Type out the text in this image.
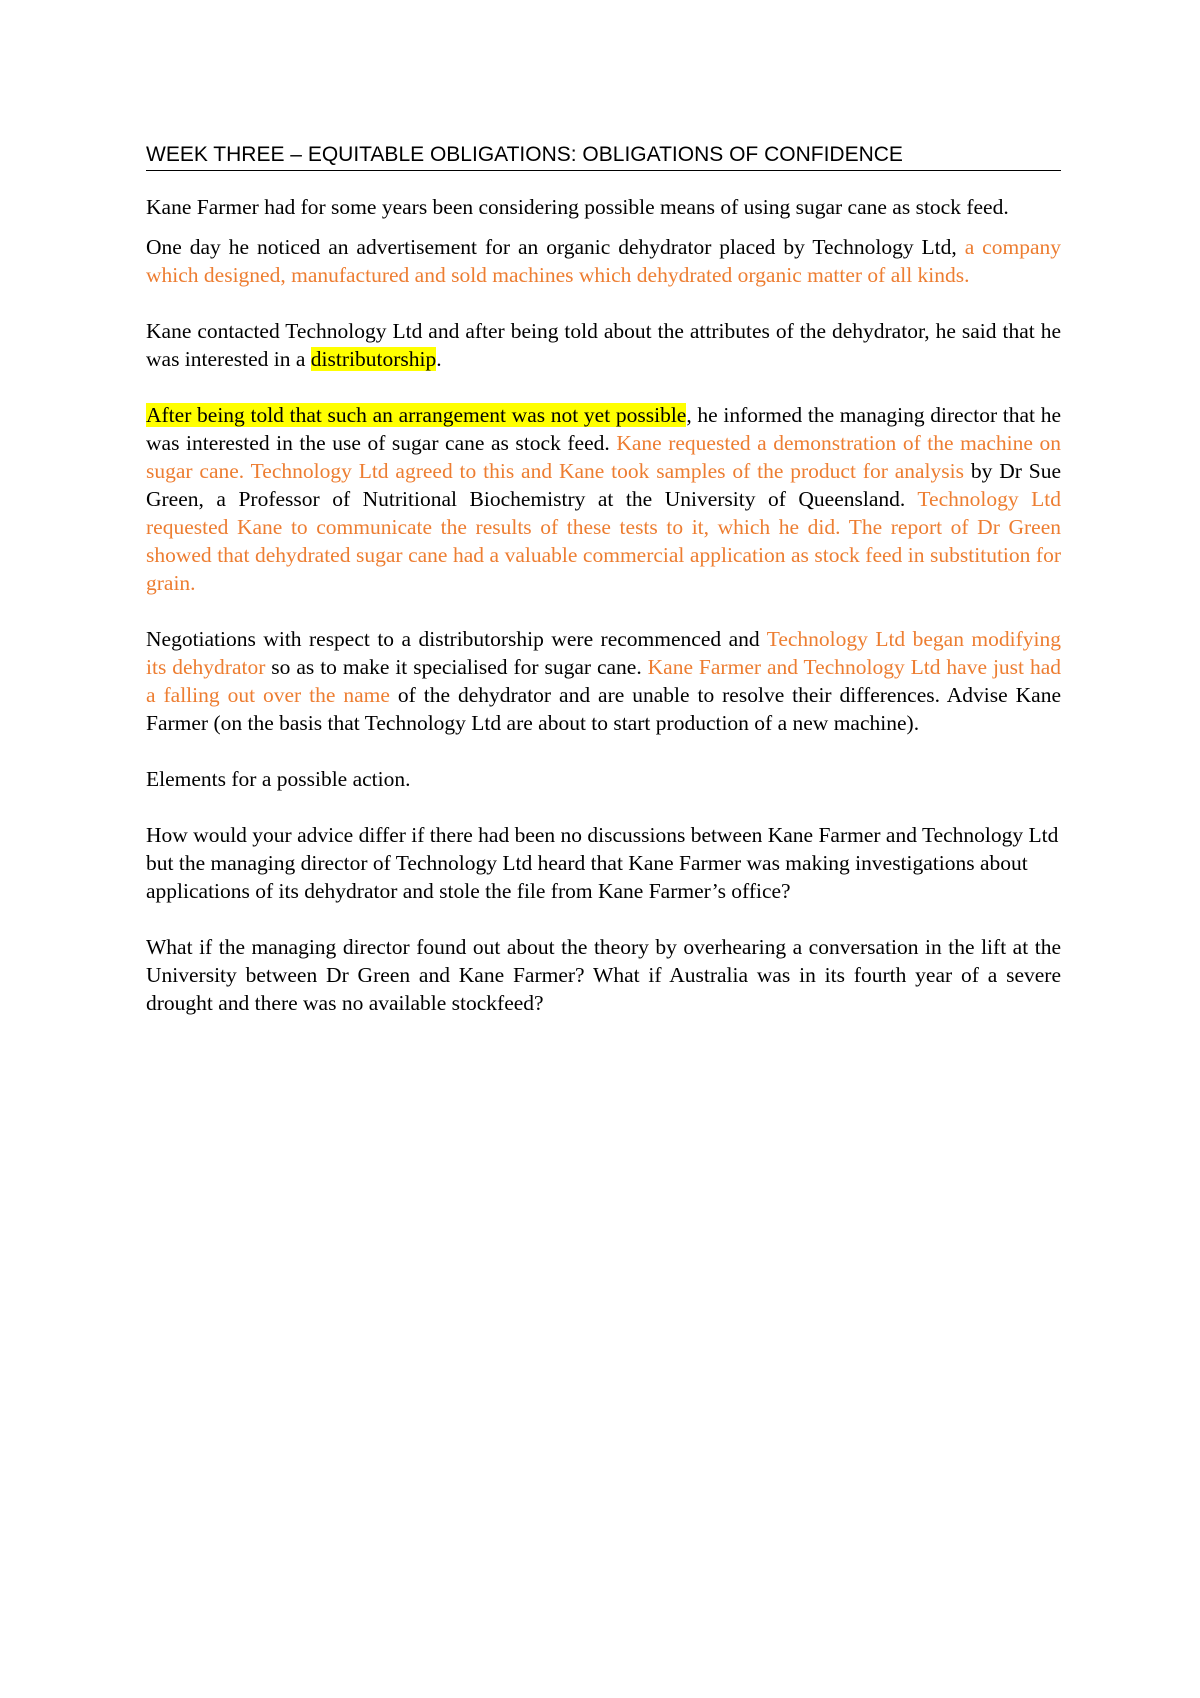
WEEK THREE – EQUITABLE OBLIGATIONS: OBLIGATIONS OF CONFIDENCE

Kane Farmer had for some years been considering possible means of using sugar cane as stock feed.

One day he noticed an advertisement for an organic dehydrator placed by Technology Ltd, a company which designed, manufactured and sold machines which dehydrated organic matter of all kinds.

Kane contacted Technology Ltd and after being told about the attributes of the dehydrator, he said that he was interested in a distributorship.

After being told that such an arrangement was not yet possible, he informed the managing director that he was interested in the use of sugar cane as stock feed. Kane requested a demonstration of the machine on sugar cane. Technology Ltd agreed to this and Kane took samples of the product for analysis by Dr Sue Green, a Professor of Nutritional Biochemistry at the University of Queensland. Technology Ltd requested Kane to communicate the results of these tests to it, which he did. The report of Dr Green showed that dehydrated sugar cane had a valuable commercial application as stock feed in substitution for grain.

Negotiations with respect to a distributorship were recommenced and Technology Ltd began modifying its dehydrator so as to make it specialised for sugar cane. Kane Farmer and Technology Ltd have just had a falling out over the name of the dehydrator and are unable to resolve their differences. Advise Kane Farmer (on the basis that Technology Ltd are about to start production of a new machine).

Elements for a possible action.

How would your advice differ if there had been no discussions between Kane Farmer and Technology Ltd but the managing director of Technology Ltd heard that Kane Farmer was making investigations about applications of its dehydrator and stole the file from Kane Farmer’s office?

What if the managing director found out about the theory by overhearing a conversation in the lift at the University between Dr Green and Kane Farmer? What if Australia was in its fourth year of a severe drought and there was no available stockfeed?
